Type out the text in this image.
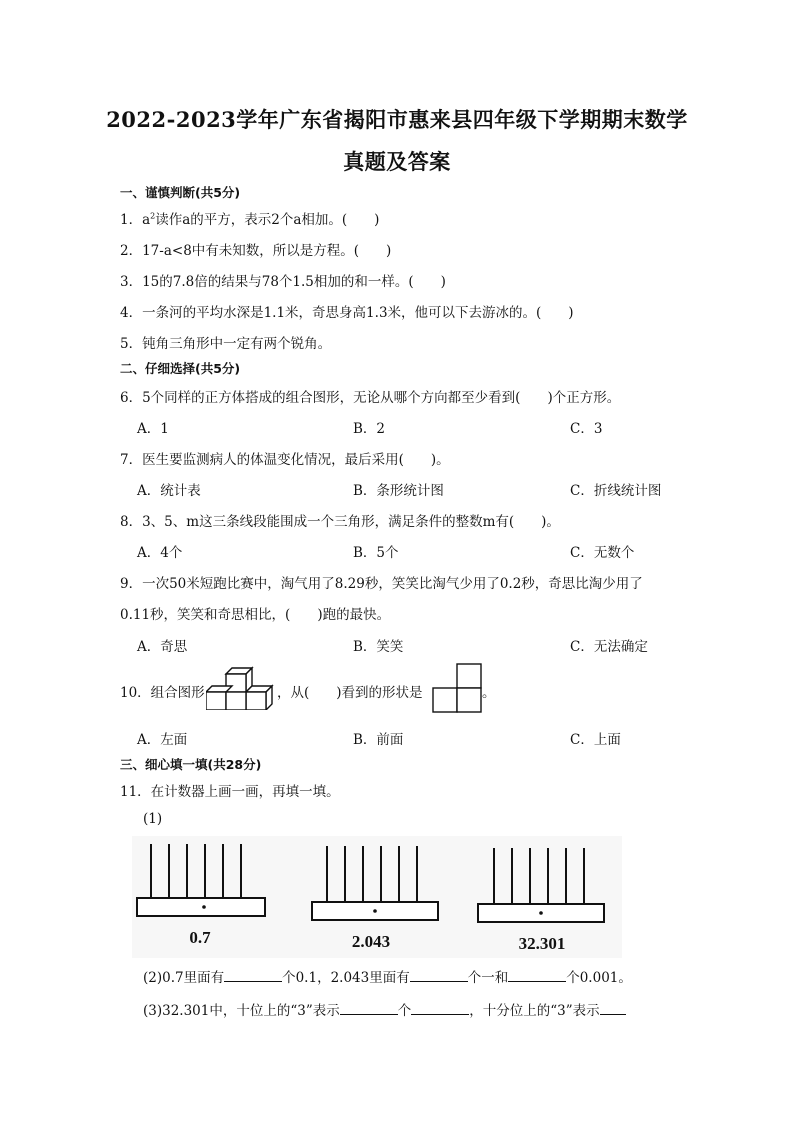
2022-2023学年广东省揭阳市惠来县四年级下学期期末数学
真题及答案
一、谨慎判断(共5分)
1．$a^2$读作a的平方，表示2个a相加。(　　)
2．17-a<8中有未知数，所以是方程。(　　)
3．15的7.8倍的结果与78个1.5相加的和一样。(　　)
4．一条河的平均水深是1.1米，奇思身高1.3米，他可以下去游冰的。(　　)
5．钝角三角形中一定有两个锐角。
二、仔细选择(共5分)
6．5个同样的正方体搭成的组合图形，无论从哪个方向都至少看到(　　)个正方形。
A．1	B．2	C．3
7．医生要监测病人的体温变化情况，最后采用(　　)。
A．统计表	B．条形统计图	C．折线统计图
8．3、5、m这三条线段能围成一个三角形，满足条件的整数m有(　　)。
A．4个	B．5个	C．无数个
9．一次50米短跑比赛中，淘气用了8.29秒，笑笑比淘气少用了0.2秒，奇思比淘少用了
0.11秒，笑笑和奇思相比，(　　)跑的最快。
A．奇思	B．笑笑	C．无法确定
10．组合图形	，从(　　)看到的形状是	。
A．左面	B．前面	C．上面
三、细心填一填(共28分)
11．在计数器上画一画，再填一填。
(1)
0.7	2.043	32.301
(2)0.7里面有	个0.1，2.043里面有	个一和	个0.001。
(3)32.301中，十位上的“3”表示	个	，十分位上的“3”表示
